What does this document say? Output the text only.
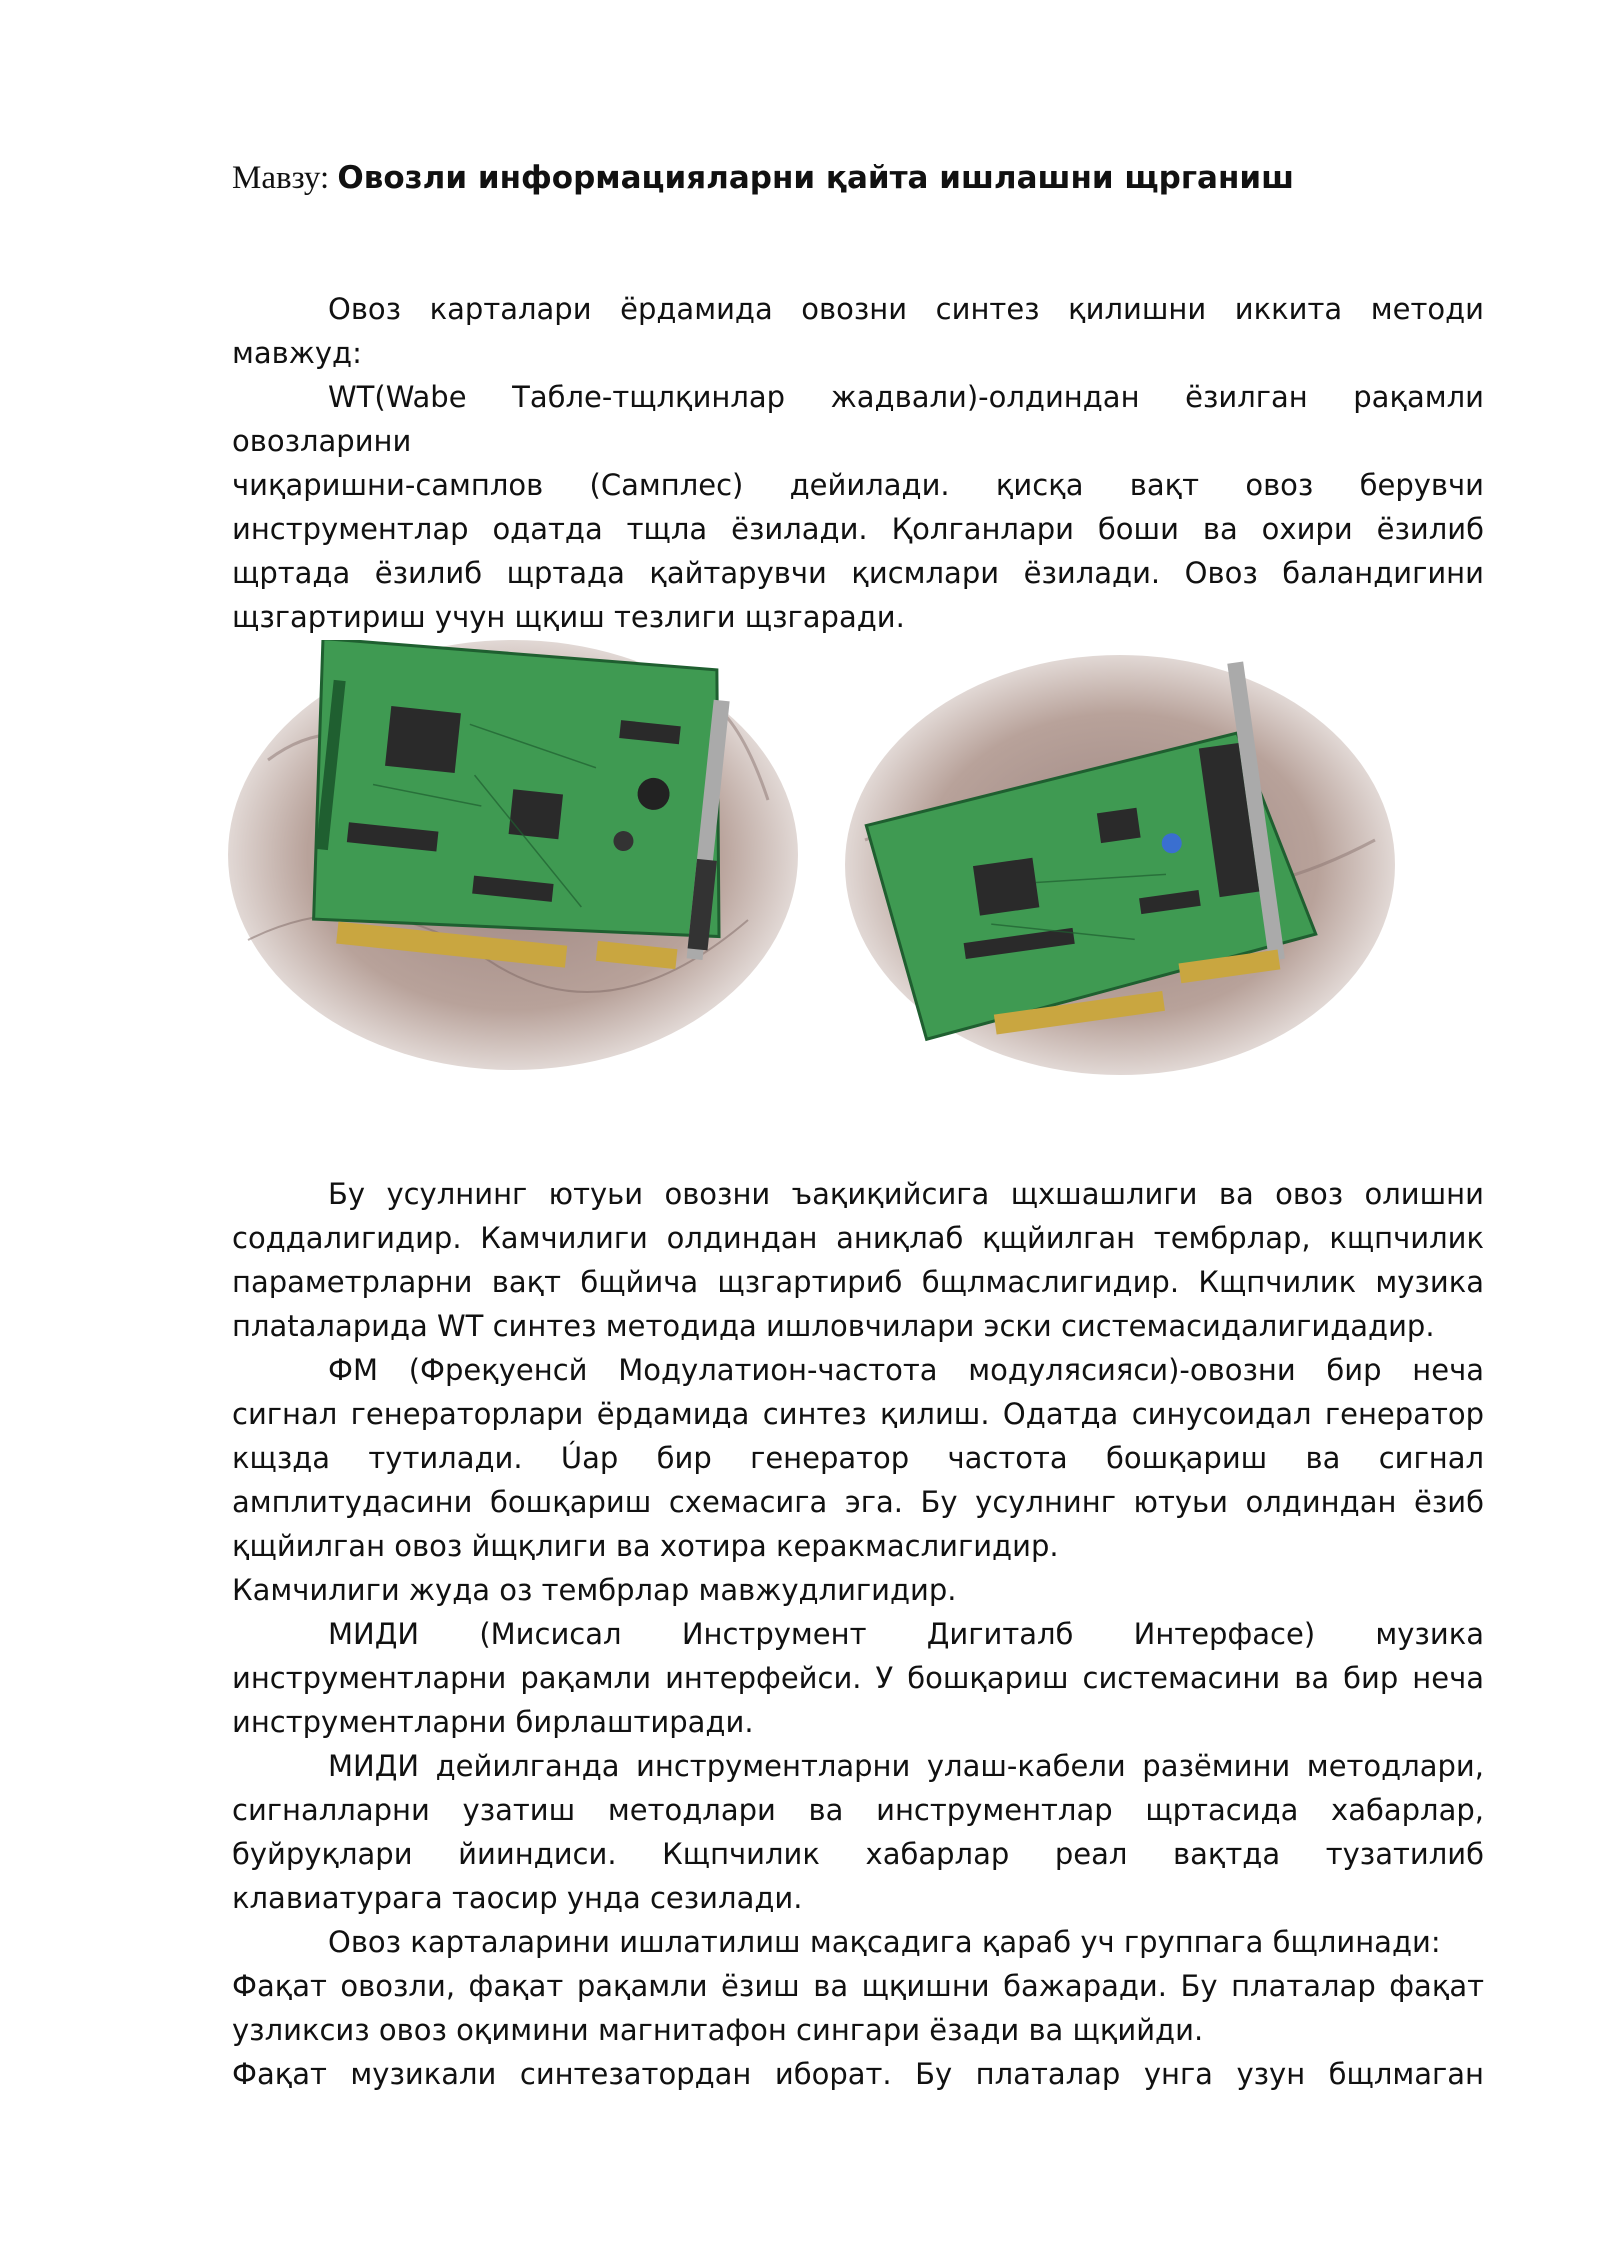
Мавзу: Овозли информацияларни қайта ишлашни щрганиш

Овоз карталари ёрдамида овозни синтез қилишни иккита методи мавжуд:

WT(Wabe Табле-тщлқинлар жадвали)-олдиндан ёзилган рақамли овозларини

чиқаришни-самплов (Самплес) дейилади. қисқа вақт овоз берувчи инструментлар одатда тщла ёзилади. Қолганлари боши ва охири ёзилиб щртада ёзилиб щртада қайтарувчи қисмлари ёзилади. Овоз баландигини щзгартириш учун щқиш тезлиги щзгаради.

Бу усулнинг ютуьи овозни ъақиқийсига щхшашлиги ва овоз олишни соддалигидир. Камчилиги олдиндан аниқлаб қщйилган тембрлар, кщпчилик параметрларни вақт бщйича щзгартириб бщлмаслигидир. Кщпчилик музика плataларида WT синтез методида ишловчилари эски системасидалигидадир.

ФМ (Фреқуенсй Модулатион-частота модулясияси)-овозни бир неча сигнал генераторлари ёрдамида синтез қилиш. Одатда синусоидал генератор кщзда тутилади. Úар бир генератор частота бошқариш ва сигнал амплитудасини бошқариш схемасига эга. Бу усулнинг ютуьи олдиндан ёзиб қщйилган овоз йщқлиги ва хотира керакмаслигидир.

Камчилиги жуда оз тембрлар мавжудлигидир.

МИДИ (Мисисал Инструмент Дигиталб Интерфасе) музика инструментларни рақамли интерфейси. У бошқариш системасини ва бир неча инструментларни бирлаштиради.

МИДИ дейилганда инструментларни улаш-кабели разёмини методлари, сигналларни узатиш методлари ва инструментлар щртасида хабарлар, буйруқлари йииндиси. Кщпчилик хабарлар реал вақтда тузатилиб клавиатурага таосир унда сезилади.

Овоз карталарини ишлатилиш мақсадига қараб уч группага бщлинади:

Фақат овозли, фақат рақамли ёзиш ва щқишни бажаради. Бу платалар фақат узликсиз овоз оқимини магнитафон сингари ёзади ва щқийди.

Фақат музикали синтезатордан иборат. Бу платалар унга узун бщлмаган
